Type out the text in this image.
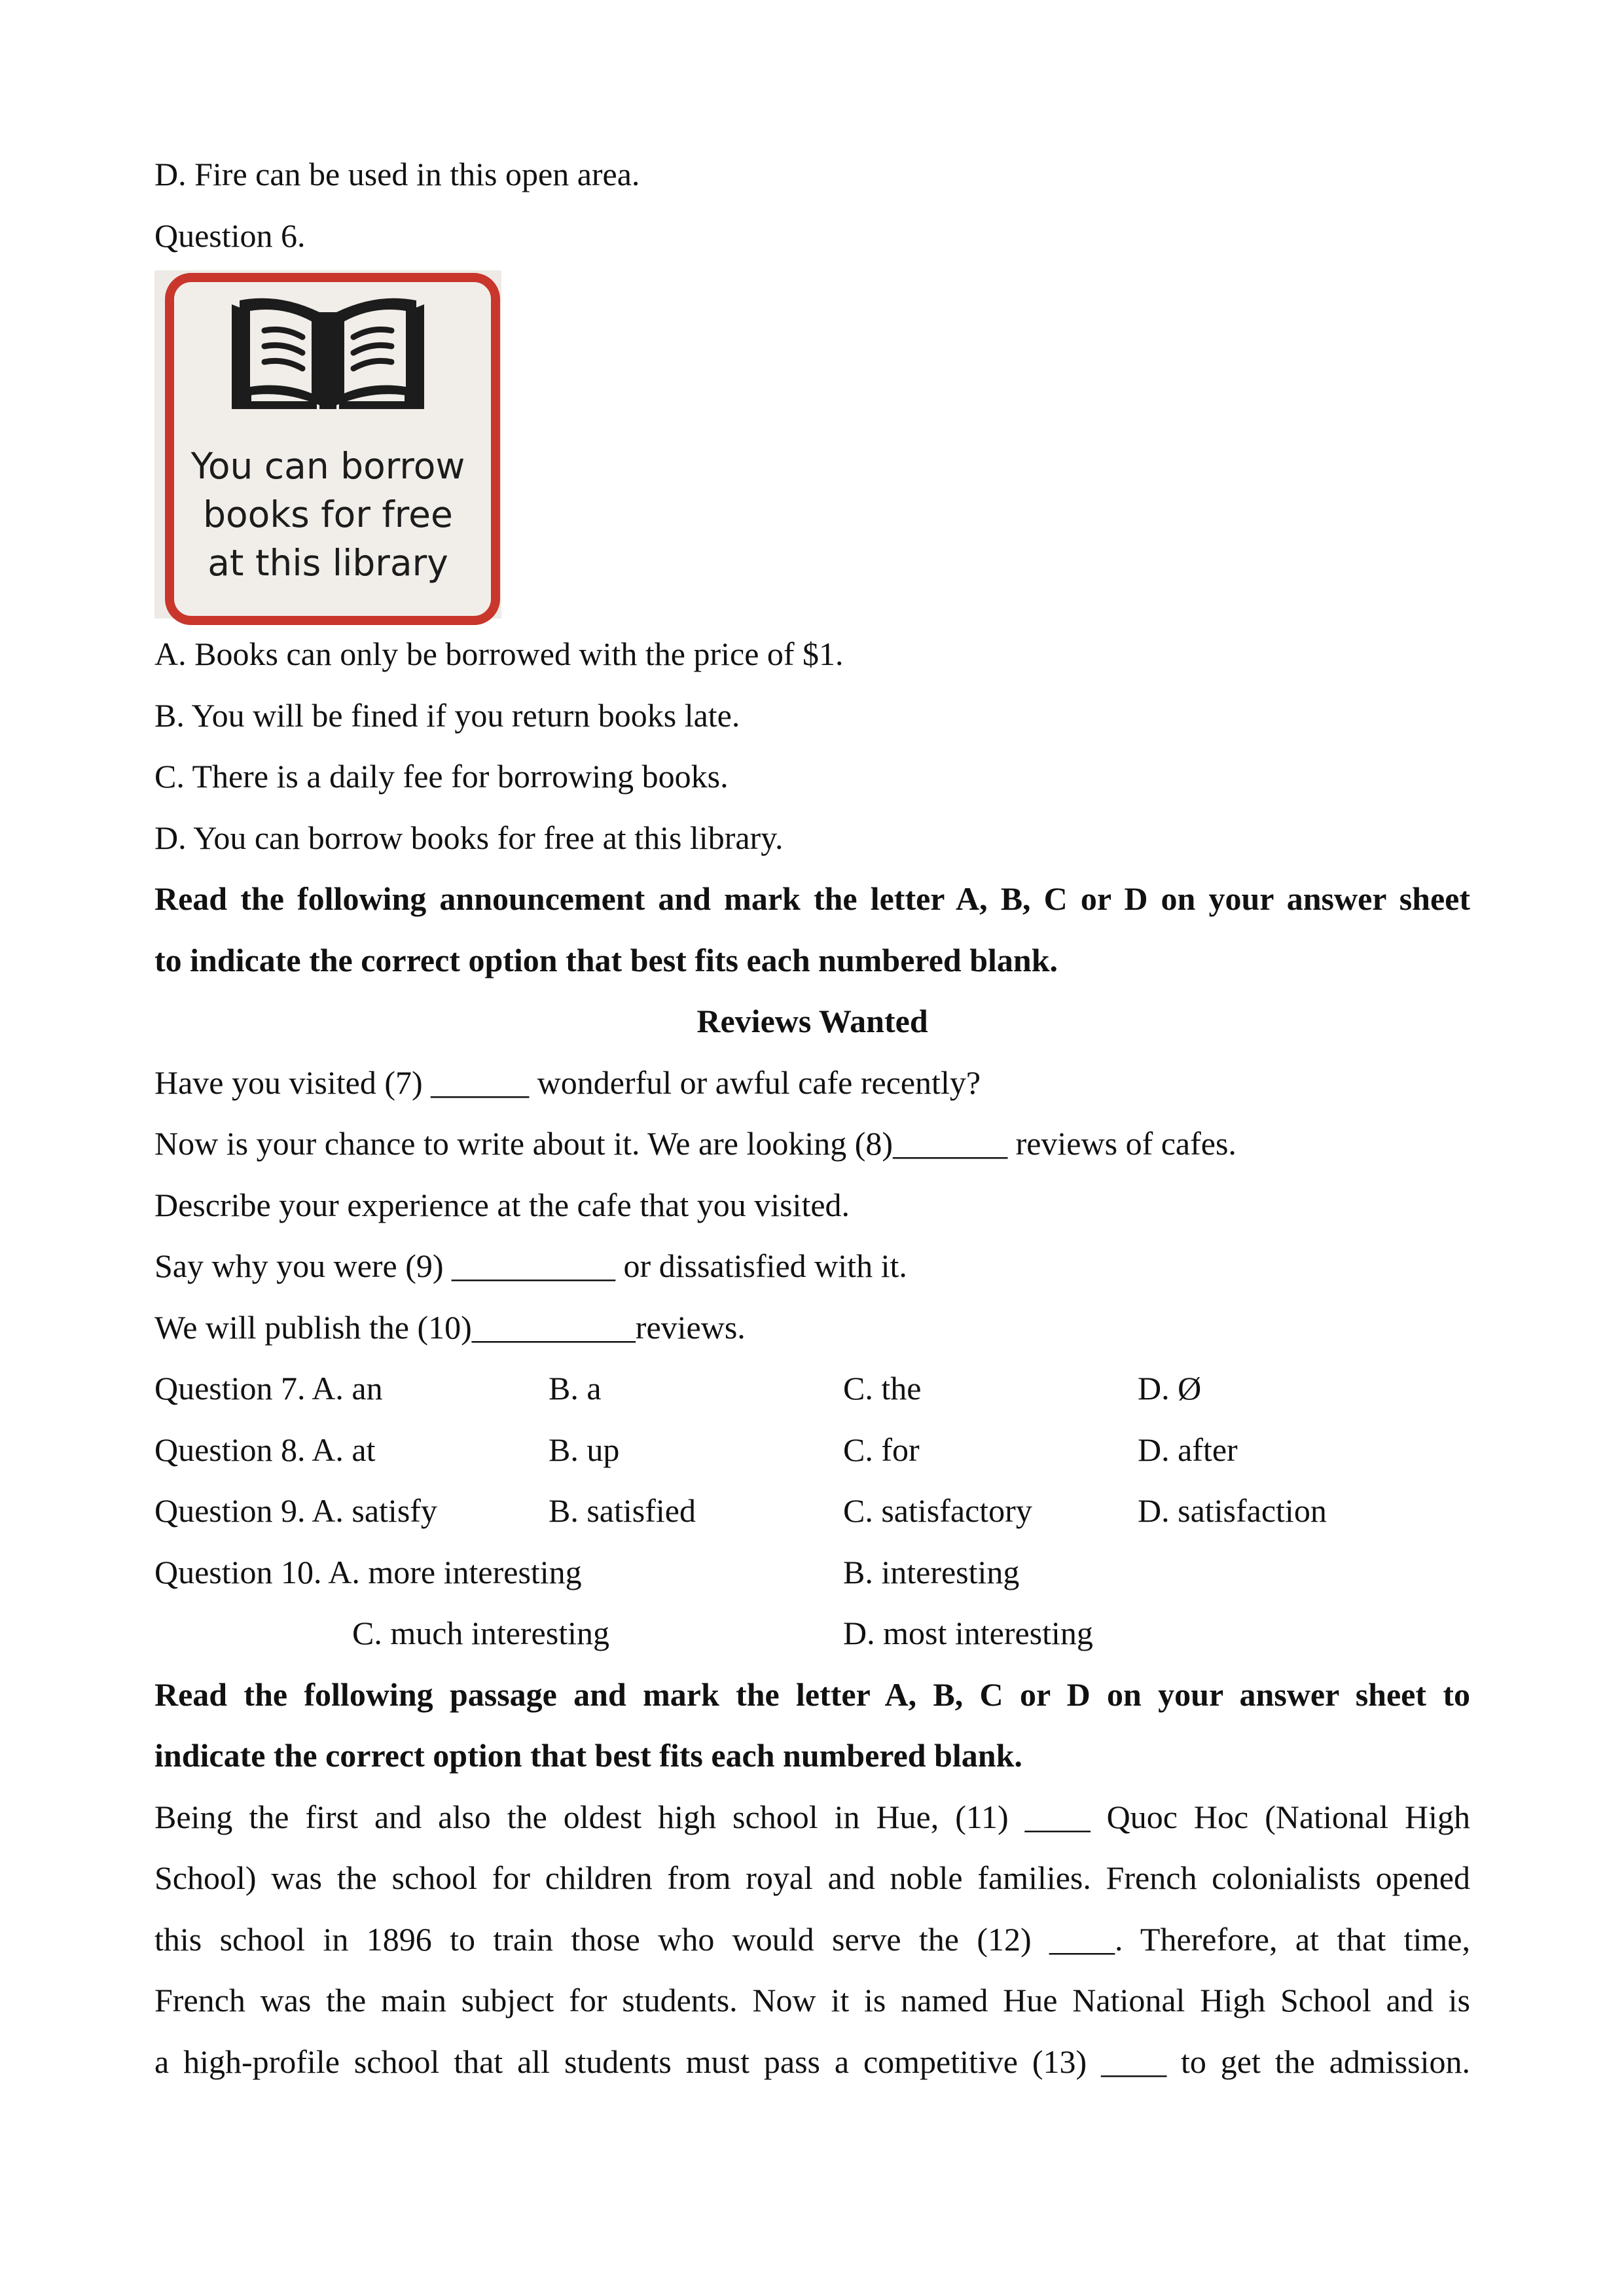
D. Fire can be used in this open area.
Question 6.
You can borrow
books for free
at this library
A. Books can only be borrowed with the price of $1.
B. You will be fined if you return books late.
C. There is a daily fee for borrowing books.
D. You can borrow books for free at this library.
Read the following announcement and mark the letter A, B, C or D on your answer sheet
to indicate the correct option that best fits each numbered blank.
Reviews Wanted
Have you visited (7) ______ wonderful or awful cafe recently?
Now is your chance to write about it. We are looking (8)_______ reviews of cafes.
Describe your experience at the cafe that you visited.
Say why you were (9) __________ or dissatisfied with it.
We will publish the (10)__________reviews.
Question 7. A. an	B. a	C. the	D. Ø
Question 8. A. at	B. up	C. for	D. after
Question 9. A. satisfy	B. satisfied	C. satisfactory	D. satisfaction
Question 10. A. more interesting	B. interesting
C. much interesting	D. most interesting
Read the following passage and mark the letter A, B, C or D on your answer sheet to
indicate the correct option that best fits each numbered blank.
Being the first and also the oldest high school in Hue, (11) ____ Quoc Hoc (National High
School) was the school for children from royal and noble families. French colonialists opened
this school in 1896 to train those who would serve the (12) ____. Therefore, at that time,
French was the main subject for students. Now it is named Hue National High School and is
a high-profile school that all students must pass a competitive (13) ____ to get the admission.
